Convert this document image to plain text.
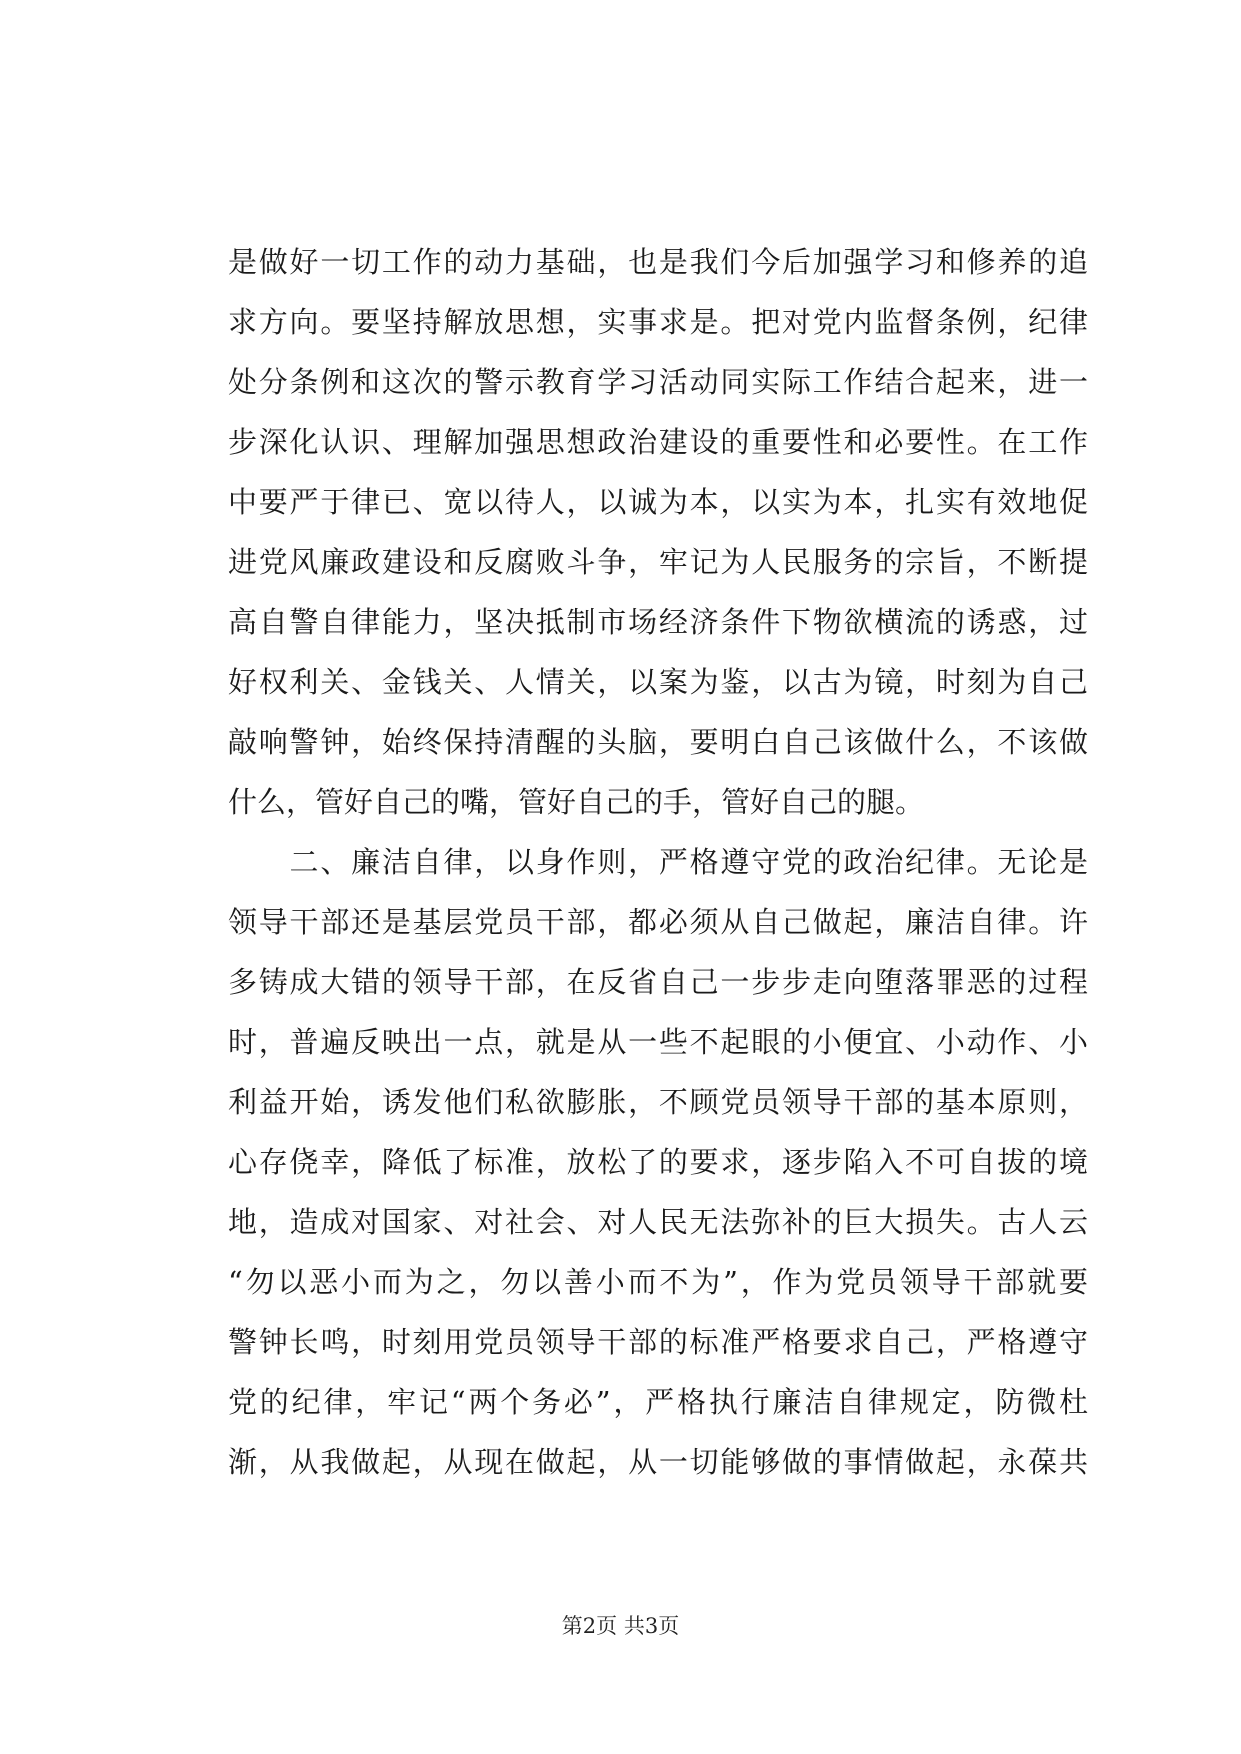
是做好一切工作的动力基础，也是我们今后加强学习和修养的追
求方向。要坚持解放思想，实事求是。把对党内监督条例，纪律
处分条例和这次的警示教育学习活动同实际工作结合起来，进一
步深化认识、理解加强思想政治建设的重要性和必要性。在工作
中要严于律已、宽以待人，以诚为本，以实为本，扎实有效地促
进党风廉政建设和反腐败斗争，牢记为人民服务的宗旨，不断提
高自警自律能力，坚决抵制市场经济条件下物欲横流的诱惑，过
好权利关、金钱关、人情关，以案为鉴，以古为镜，时刻为自己
敲响警钟，始终保持清醒的头脑，要明白自己该做什么，不该做
什么，管好自己的嘴，管好自己的手，管好自己的腿。
　　二、廉洁自律，以身作则，严格遵守党的政治纪律。无论是
领导干部还是基层党员干部，都必须从自己做起，廉洁自律。许
多铸成大错的领导干部，在反省自己一步步走向堕落罪恶的过程
时，普遍反映出一点，就是从一些不起眼的小便宜、小动作、小
利益开始，诱发他们私欲膨胀，不顾党员领导干部的基本原则，
心存侥幸，降低了标准，放松了的要求，逐步陷入不可自拔的境
地，造成对国家、对社会、对人民无法弥补的巨大损失。古人云
“勿以恶小而为之，勿以善小而不为”，作为党员领导干部就要
警钟长鸣，时刻用党员领导干部的标准严格要求自己，严格遵守
党的纪律，牢记“两个务必”，严格执行廉洁自律规定，防微杜
渐，从我做起，从现在做起，从一切能够做的事情做起，永葆共
第2页 共3页
